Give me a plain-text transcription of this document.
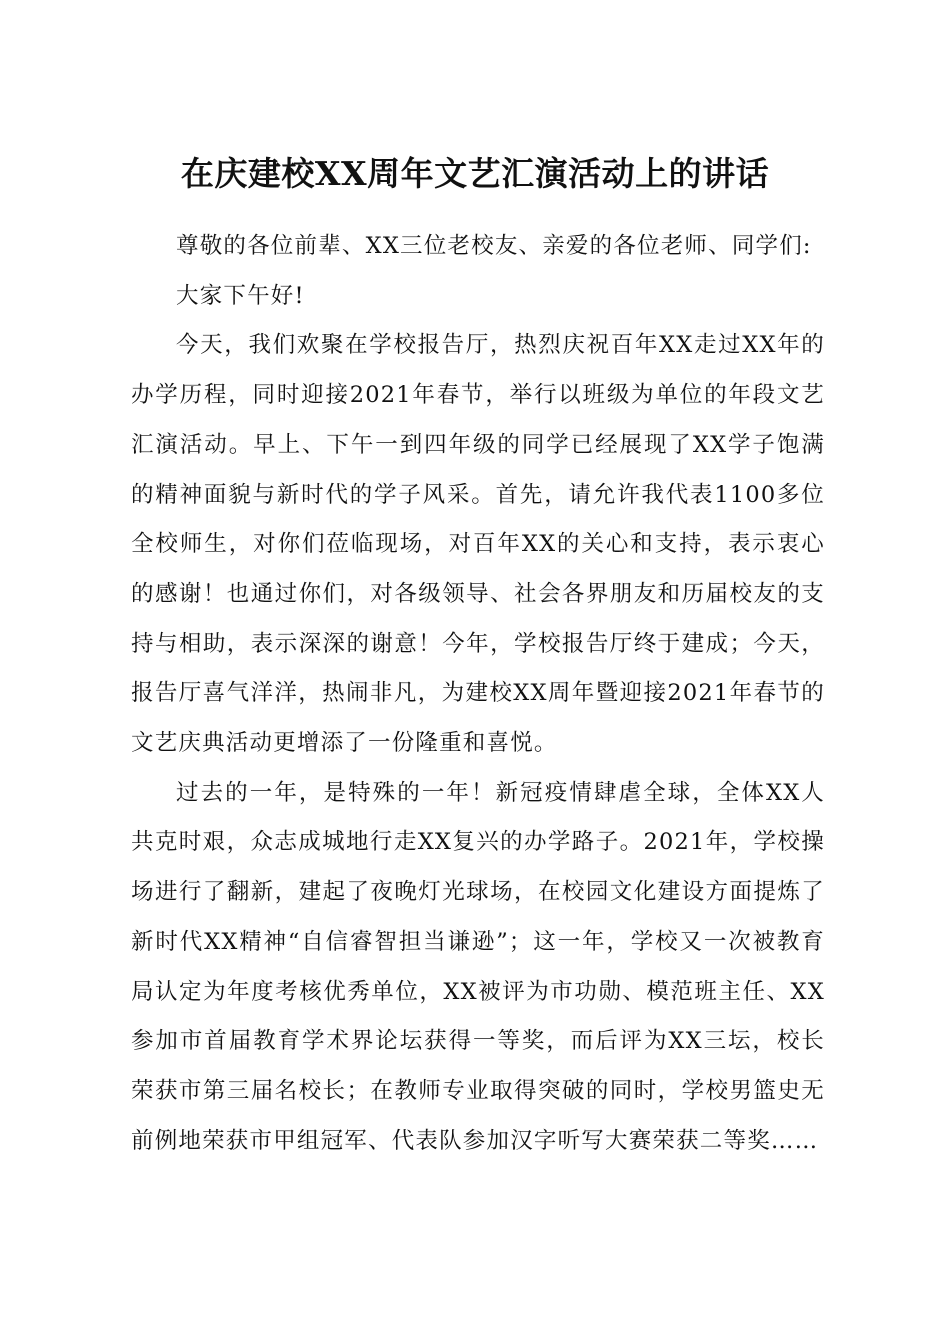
在庆建校XX周年文艺汇演活动上的讲话

尊敬的各位前辈、XX三位老校友、亲爱的各位老师、同学们:

大家下午好!

今天，我们欢聚在学校报告厅，热烈庆祝百年XX走过XX年的办学历程，同时迎接2021年春节，举行以班级为单位的年段文艺汇演活动。早上、下午一到四年级的同学已经展现了XX学子饱满的精神面貌与新时代的学子风采。首先，请允许我代表1100多位全校师生，对你们莅临现场，对百年XX的关心和支持，表示衷心的感谢！也通过你们，对各级领导、社会各界朋友和历届校友的支持与相助，表示深深的谢意！今年，学校报告厅终于建成；今天，报告厅喜气洋洋，热闹非凡，为建校XX周年暨迎接2021年春节的文艺庆典活动更增添了一份隆重和喜悦。

过去的一年，是特殊的一年！新冠疫情肆虐全球，全体XX人共克时艰，众志成城地行走XX复兴的办学路子。2021年，学校操场进行了翻新，建起了夜晚灯光球场，在校园文化建设方面提炼了新时代XX精神“自信睿智担当谦逊”；这一年，学校又一次被教育局认定为年度考核优秀单位，XX被评为市功勋、模范班主任、XX参加市首届教育学术界论坛获得一等奖，而后评为XX三坛，校长荣获市第三届名校长；在教师专业取得突破的同时，学校男篮史无前例地荣获市甲组冠军、代表队参加汉字听写大赛荣获二等奖……
